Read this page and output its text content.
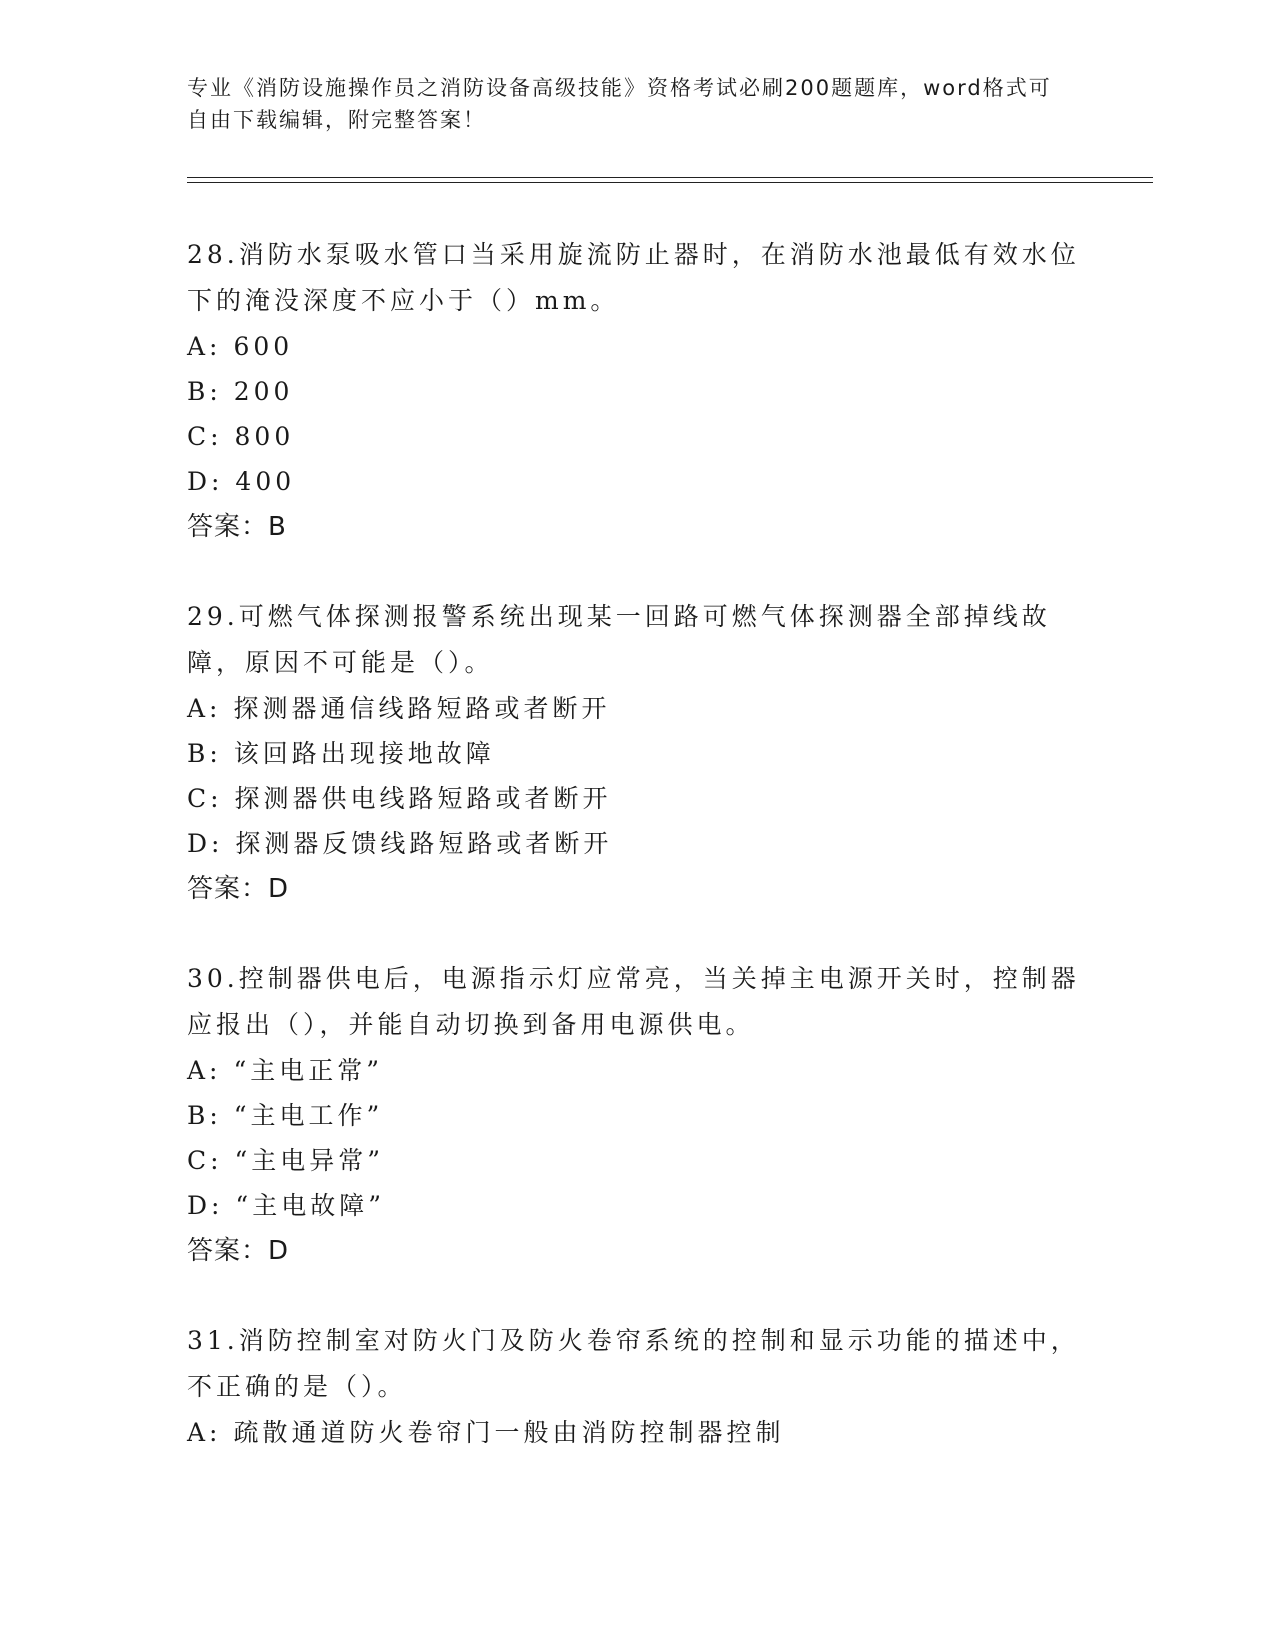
专业《消防设施操作员之消防设备高级技能》资格考试必刷200题题库，word格式可自由下载编辑，附完整答案！
28.消防水泵吸水管口当采用旋流防止器时，在消防水池最低有效水位下的淹没深度不应小于（）mm。
A: 600
B: 200
C: 800
D: 400
答案：B
29.可燃气体探测报警系统出现某一回路可燃气体探测器全部掉线故障，原因不可能是（）。
A: 探测器通信线路短路或者断开
B: 该回路出现接地故障
C: 探测器供电线路短路或者断开
D: 探测器反馈线路短路或者断开
答案：D
30.控制器供电后，电源指示灯应常亮，当关掉主电源开关时，控制器应报出（），并能自动切换到备用电源供电。
A: “主电正常”
B: “主电工作”
C: “主电异常”
D: “主电故障”
答案：D
31.消防控制室对防火门及防火卷帘系统的控制和显示功能的描述中，不正确的是（）。
A: 疏散通道防火卷帘门一般由消防控制器控制
